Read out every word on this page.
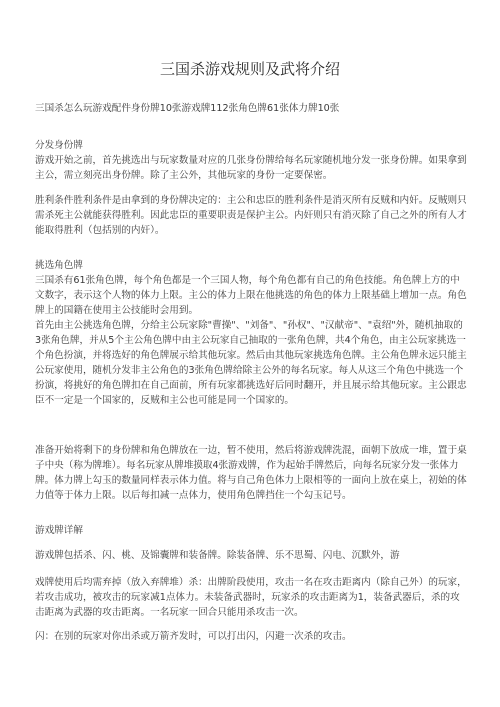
三国杀游戏规则及武将介绍

三国杀怎么玩游戏配件身份牌10张游戏牌112张角色牌61张体力牌10张

分发身份牌

游戏开始之前，首先挑选出与玩家数量对应的几张身份牌给每名玩家随机地分发一张身份牌。如果拿到主公，需立刻亮出身份牌。除了主公外，其他玩家的身份一定要保密。

胜利条件胜利条件是由拿到的身份牌决定的：主公和忠臣的胜利条件是消灭所有反贼和内奸。反贼则只需杀死主公就能获得胜利。因此忠臣的重要职责是保护主公。内奸则只有消灭除了自己之外的所有人才能取得胜利（包括别的内奸）。

挑选角色牌

三国杀有61张角色牌，每个角色都是一个三国人物，每个角色都有自己的角色技能。角色牌上方的中文数字，表示这个人物的体力上限。主公的体力上限在他挑选的角色的体力上限基础上增加一点。角色牌上的国籍在使用主公技能时会用到。

首先由主公挑选角色牌，分给主公玩家除"曹操"、"刘备"、"孙权"、"汉献帝"、"袁绍"外，随机抽取的3张角色牌，并从5个主公角色牌中由主公玩家自己抽取的一张角色牌，共4个角色，由主公玩家挑选一个角色扮演，并将选好的角色牌展示给其他玩家。然后由其他玩家挑选角色牌。主公角色牌永远只能主公玩家使用，随机分发非主公角色的3张角色牌给除主公外的每名玩家。每人从这三个角色中挑选一个扮演，将挑好的角色牌扣在自己面前，所有玩家都挑选好后同时翻开，并且展示给其他玩家。主公跟忠臣不一定是一个国家的，反贼和主公也可能是同一个国家的。

准备开始将剩下的身份牌和角色牌放在一边，暂不使用，然后将游戏牌洗混，面朝下放成一堆，置于桌子中央（称为牌堆）。每名玩家从牌堆摸取4张游戏牌，作为起始手牌然后，向每名玩家分发一张体力牌。体力牌上勾玉的数量同样表示体力值。将与自己角色体力上限相等的一面向上放在桌上，初始的体力值等于体力上限。以后每扣减一点体力，使用角色牌挡住一个勾玉记号。

游戏牌详解

游戏牌包括杀、闪、桃、及锦囊牌和装备牌。除装备牌、乐不思蜀、闪电、沉默外，游

戏牌使用后均需弃掉（放入弃牌堆）杀：出牌阶段使用，攻击一名在攻击距离内（除自己外）的玩家，若攻击成功，被攻击的玩家减1点体力。未装备武器时，玩家杀的攻击距离为1，装备武器后，杀的攻击距离为武器的攻击距离。一名玩家一回合只能用杀攻击一次。

闪：在别的玩家对你出杀或万箭齐发时，可以打出闪，闪避一次杀的攻击。
